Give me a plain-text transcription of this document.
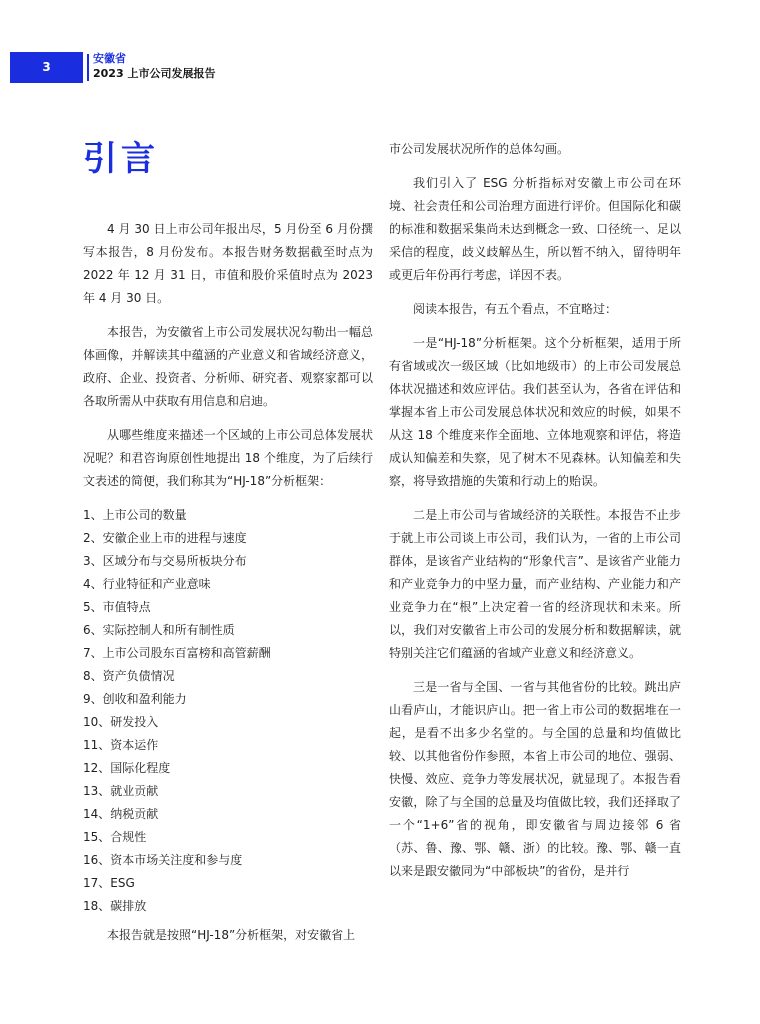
3
安徽省
2023 上市公司发展报告
引言

4 月 30 日上市公司年报出尽，5 月份至 6 月份撰写本报告，8 月份发布。本报告财务数据截至时点为 2022 年 12 月 31 日，市值和股价采值时点为 2023 年 4 月 30 日。

本报告，为安徽省上市公司发展状况勾勒出一幅总体画像，并解读其中蕴涵的产业意义和省域经济意义，政府、企业、投资者、分析师、研究者、观察家都可以各取所需从中获取有用信息和启迪。

从哪些维度来描述一个区域的上市公司总体发展状况呢？和君咨询原创性地提出 18 个维度，为了后续行文表述的简便，我们称其为“HJ-18”分析框架：

1、上市公司的数量
2、安徽企业上市的进程与速度
3、区域分布与交易所板块分布
4、行业特征和产业意味
5、市值特点
6、实际控制人和所有制性质
7、上市公司股东百富榜和高管薪酬
8、资产负债情况
9、创收和盈利能力
10、研发投入
11、资本运作
12、国际化程度
13、就业贡献
14、纳税贡献
15、合规性
16、资本市场关注度和参与度
17、ESG
18、碳排放

本报告就是按照“HJ-18”分析框架，对安徽省上

市公司发展状况所作的总体勾画。

我们引入了 ESG 分析指标对安徽上市公司在环境、社会责任和公司治理方面进行评价。但国际化和碳的标准和数据采集尚未达到概念一致、口径统一、足以采信的程度，歧义歧解丛生，所以暂不纳入，留待明年或更后年份再行考虑，详因不表。

阅读本报告，有五个看点，不宜略过：

一是“HJ-18”分析框架。这个分析框架，适用于所有省域或次一级区域（比如地级市）的上市公司发展总体状况描述和效应评估。我们甚至认为，各省在评估和掌握本省上市公司发展总体状况和效应的时候，如果不从这 18 个维度来作全面地、立体地观察和评估，将造成认知偏差和失察，见了树木不见森林。认知偏差和失察，将导致措施的失策和行动上的贻误。

二是上市公司与省域经济的关联性。本报告不止步于就上市公司谈上市公司，我们认为，一省的上市公司群体，是该省产业结构的“形象代言”、是该省产业能力和产业竞争力的中坚力量，而产业结构、产业能力和产业竞争力在“根”上决定着一省的经济现状和未来。所以，我们对安徽省上市公司的发展分析和数据解读，就特别关注它们蕴涵的省域产业意义和经济意义。

三是一省与全国、一省与其他省份的比较。跳出庐山看庐山，才能识庐山。把一省上市公司的数据堆在一起，是看不出多少名堂的。与全国的总量和均值做比较、以其他省份作参照，本省上市公司的地位、强弱、快慢、效应、竞争力等发展状况，就显现了。本报告看安徽，除了与全国的总量及均值做比较，我们还择取了一个“1+6”省的视角，即安徽省与周边接邻 6 省（苏、鲁、豫、鄂、赣、浙）的比较。豫、鄂、赣一直以来是跟安徽同为“中部板块”的省份，是并行
